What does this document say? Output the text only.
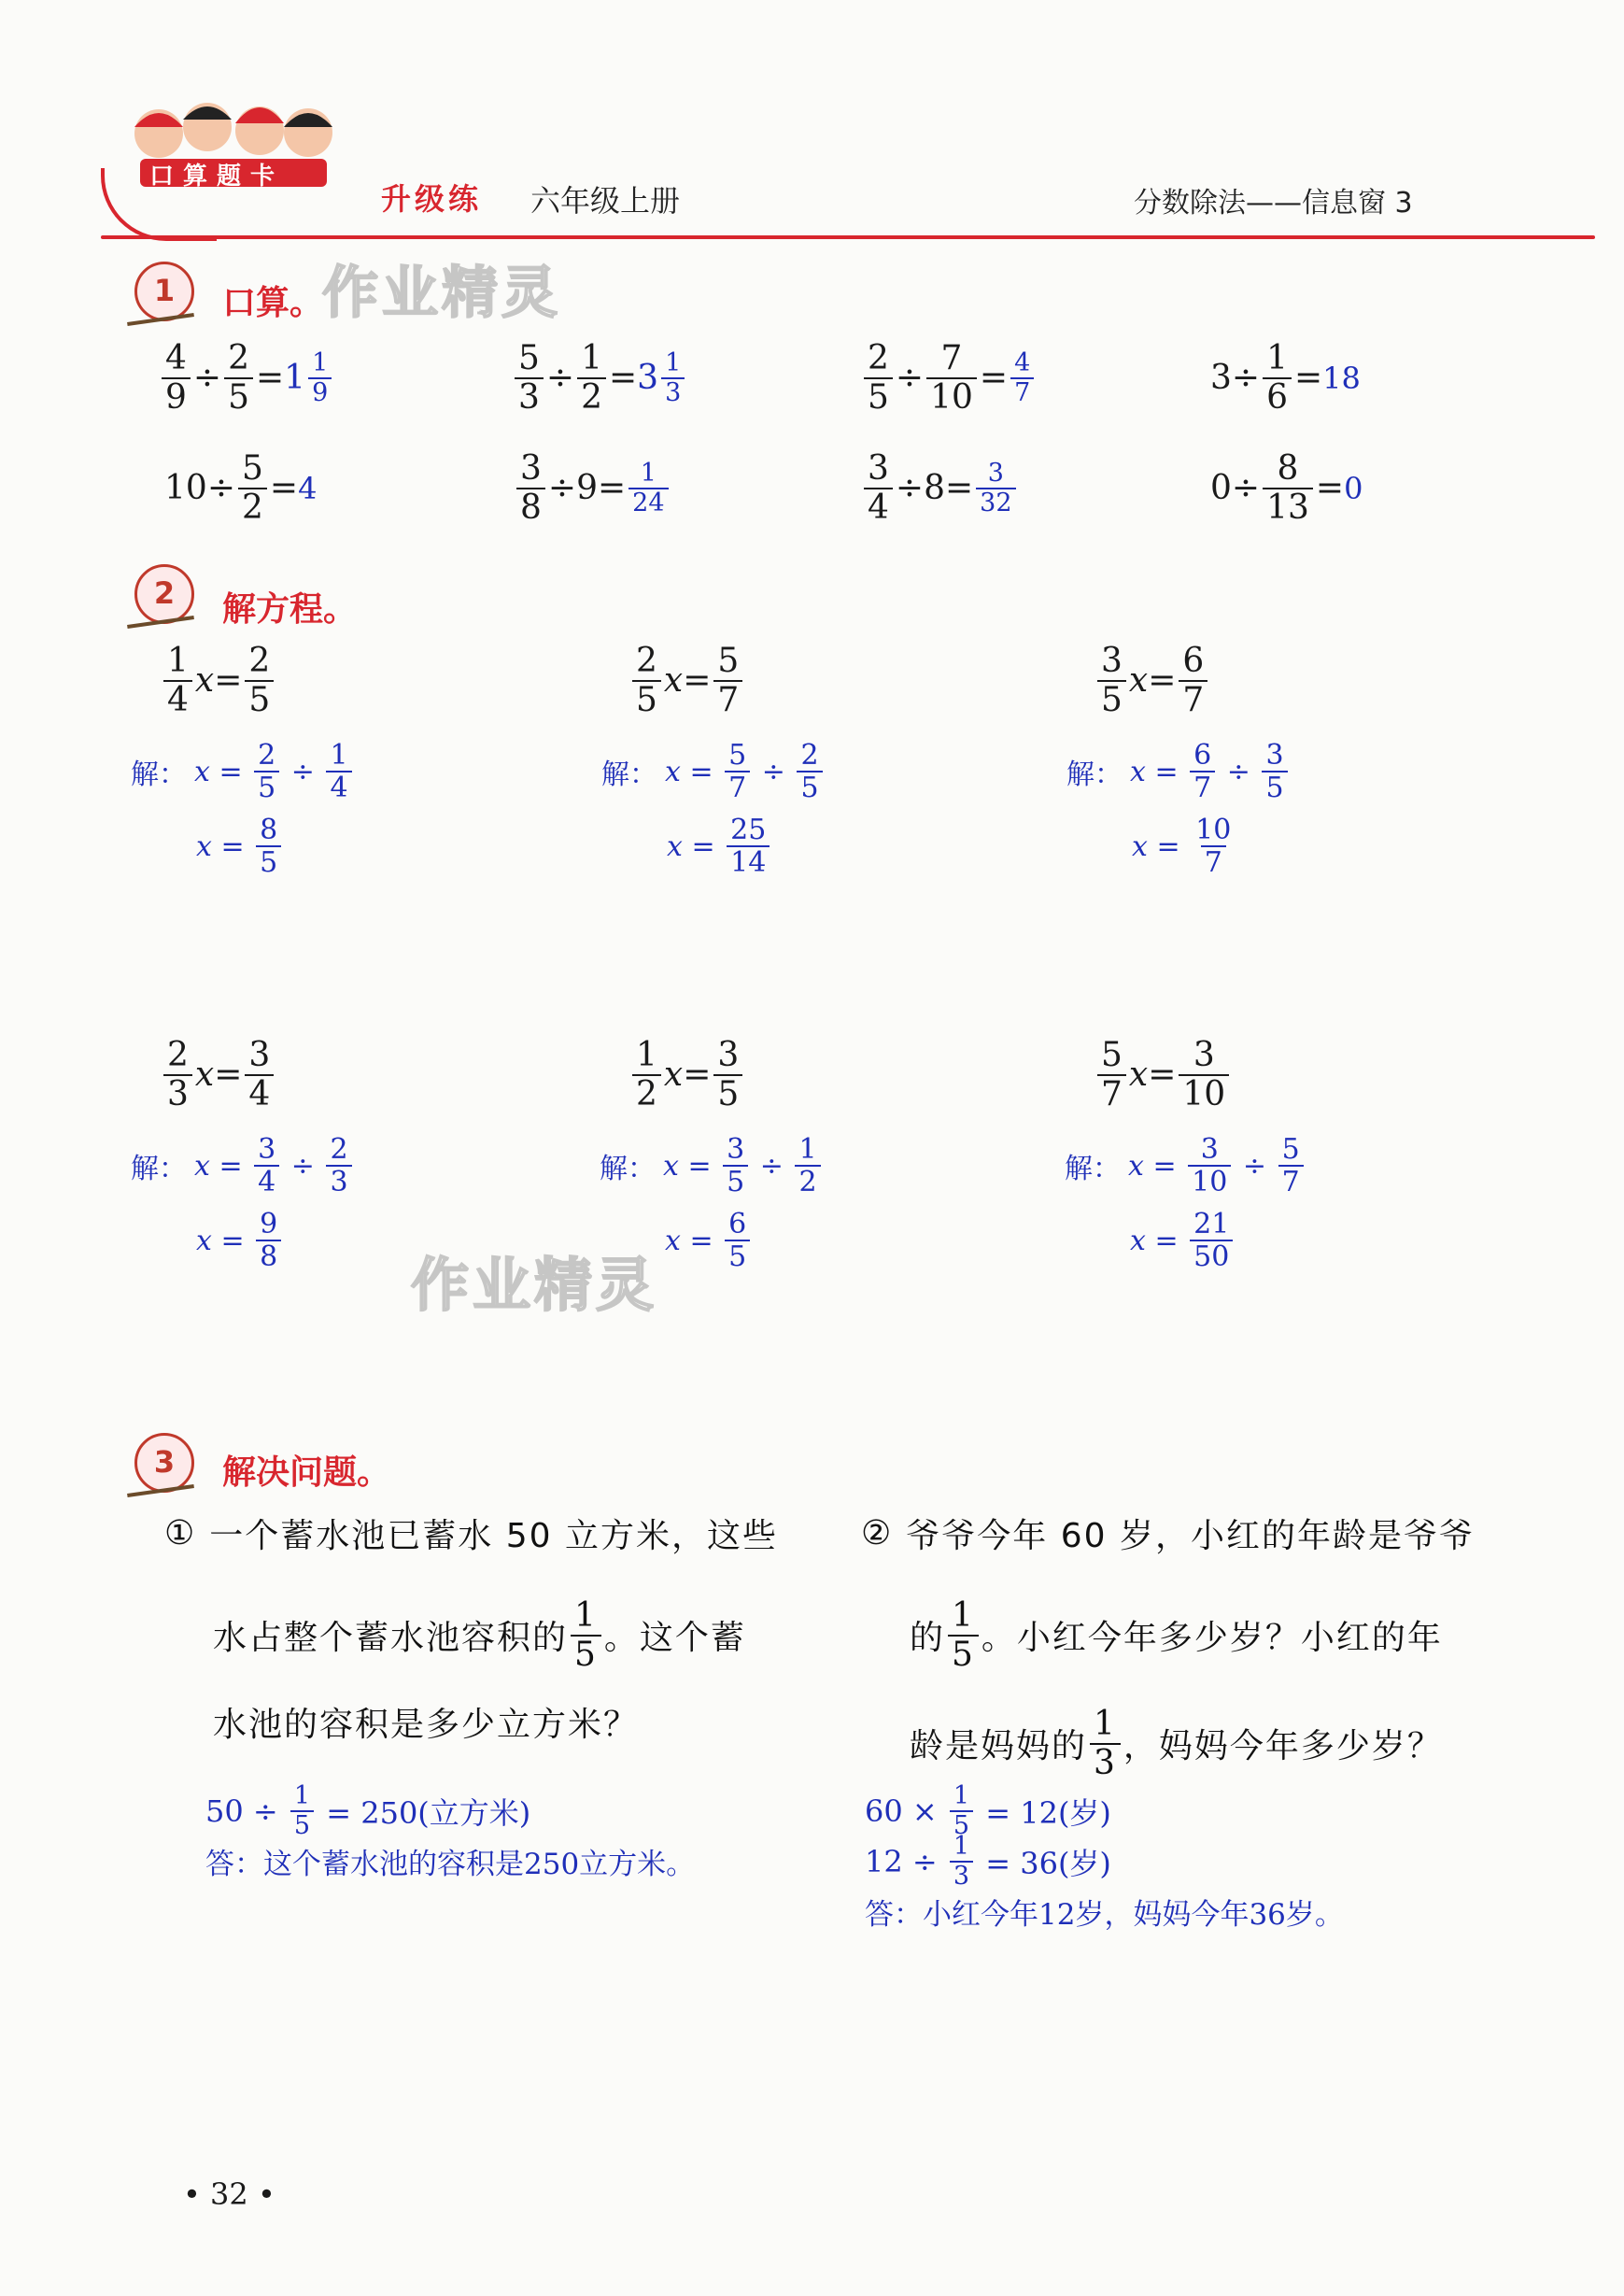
口算题卡
升级练 六年级上册	分数除法——信息窗 3
1	口算。
作业精灵
$\frac{4}{9} \div \frac{2}{5} = 1 \frac{1}{9}$	$\frac{5}{3} \div \frac{1}{2} = 3 \frac{1}{3}$	$\frac{2}{5} \div \frac{7}{10} = \frac{4}{7}$	$3 \div \frac{1}{6} = 18$
$10 \div \frac{5}{2} = 4$	$\frac{3}{8} \div 9 = \frac{1}{24}$	$\frac{3}{4} \div 8 = \frac{3}{32}$	$0 \div \frac{8}{13} = 0$
2	解方程。
$\frac{1}{4}$ $x = \frac{2}{5}$
解： $x = \frac{2}{5}$
÷
$\frac{1}{4}$
$x = \frac{8}{5}$
$\frac{2}{5}$ $x = \frac{5}{7}$
解： $x = \frac{5}{7}$
÷
$\frac{2}{5}$
$x = \frac{25}{14}$
$\frac{3}{5}$ $x = \frac{6}{7}$
解： $x = \frac{6}{7}$
÷
$\frac{3}{5}$
$x = \frac{10}{7}$
$\frac{2}{3}$ $x = \frac{3}{4}$
解： $x = \frac{3}{4}$
÷
$\frac{2}{3}$
$x = \frac{9}{8}$
$\frac{1}{2}$ $x = \frac{3}{5}$
解： $x = \frac{3}{5}$
÷
$\frac{1}{2}$
$x = \frac{6}{5}$
$\frac{5}{7}$ $x = \frac{3}{10}$
解： $x = \frac{3}{10}$
÷
$\frac{5}{7}$
$x = \frac{21}{50}$
作业精灵
3	解决问题。
① 一个蓄水池已蓄水 50 立方米，这些
水占整个蓄水池容积的 $\frac{1}{5}$ 。这个蓄
水池的容积是多少立方米？
50 ÷
$\frac{1}{5}$
= 250(立方米)
答：这个蓄水池的容积是250立方米。
② 爷爷今年 60 岁，小红的年龄是爷爷
的 $\frac{1}{5}$ 。小红今年多少岁？小红的年
龄是妈妈的 $\frac{1}{3}$ ，妈妈今年多少岁？
60 ×
$\frac{1}{5}$
= 12(岁)
12 ÷
$\frac{1}{3}$
= 36(岁)
答：小红今年12岁，妈妈今年36岁。
• 32 •
